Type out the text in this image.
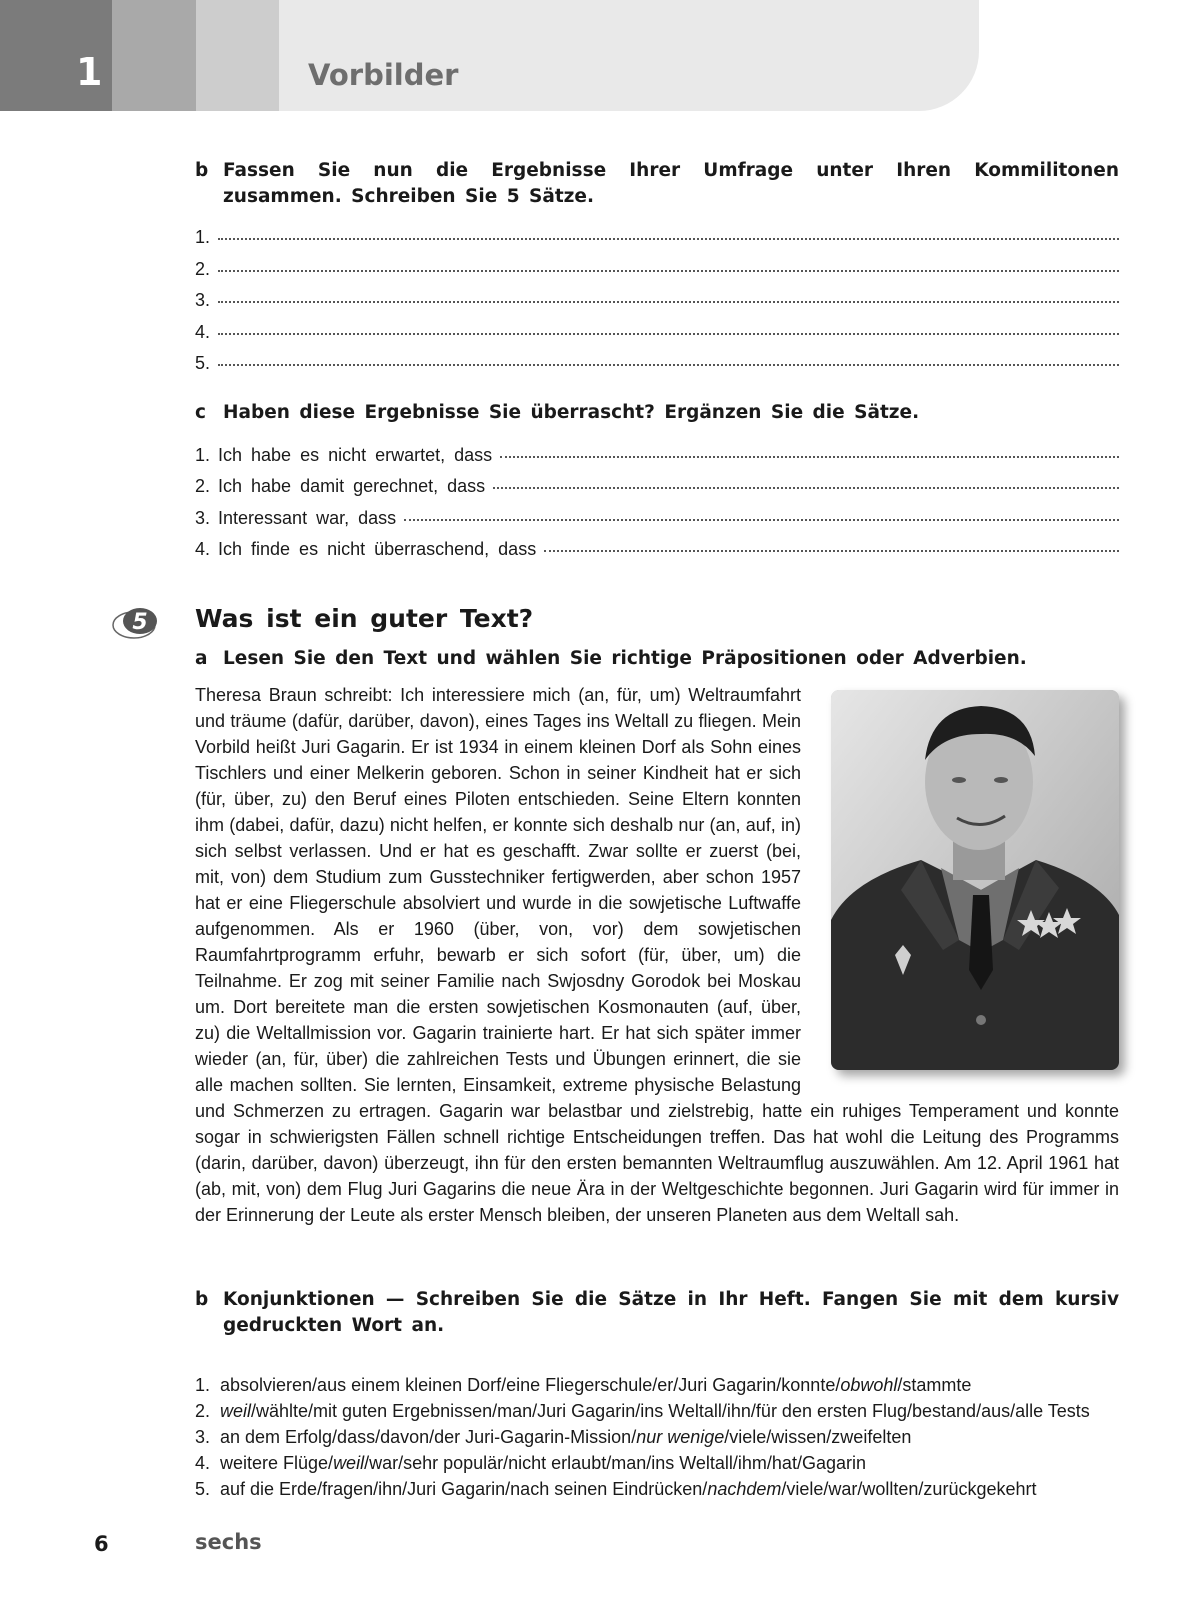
1	Vorbilder
b Fassen Sie nun die Ergebnisse Ihrer Umfrage unter Ihren Kommilitonen zusammen. Schreiben Sie 5 Sätze.
1.
2.
3.
4.
5.
c Haben diese Ergebnisse Sie überrascht? Ergänzen Sie die Sätze.
1. Ich habe es nicht erwartet, dass
2. Ich habe damit gerechnet, dass
3. Interessant war, dass
4. Ich finde es nicht überraschend, dass
5 Was ist ein guter Text?
a Lesen Sie den Text und wählen Sie richtige Präpositionen oder Adverbien.

Theresa Braun schreibt: Ich interessiere mich (an, für, um) Weltraumfahrt und träume (dafür, darüber, davon), eines Tages ins Weltall zu fliegen. Mein Vorbild heißt Juri Gagarin. Er ist 1934 in einem kleinen Dorf als Sohn eines Tischlers und einer Melkerin geboren. Schon in seiner Kindheit hat er sich (für, über, zu) den Beruf eines Piloten entschieden. Seine Eltern konnten ihm (dabei, dafür, dazu) nicht helfen, er konnte sich deshalb nur (an, auf, in) sich selbst verlassen. Und er hat es geschafft. Zwar sollte er zuerst (bei, mit, von) dem Studium zum Gusstechniker fertigwerden, aber schon 1957 hat er eine Fliegerschule absolviert und wurde in die sowjetische Luftwaffe aufgenommen. Als er 1960 (über, von, vor) dem sowjetischen Raumfahrtprogramm erfuhr, bewarb er sich sofort (für, über, um) die Teilnahme. Er zog mit seiner Familie nach Swjosdny Gorodok bei Moskau um. Dort bereitete man die ersten sowjetischen Kosmonauten (auf, über, zu) die Weltallmission vor. Gagarin trainierte hart. Er hat sich später immer wieder (an, für, über) die zahlreichen Tests und Übungen erinnert, die sie alle machen sollten. Sie lernten, Einsamkeit, extreme physische Belastung und Schmerzen zu ertragen. Gagarin war belastbar und zielstrebig, hatte ein ruhiges Temperament und konnte sogar in schwierigsten Fällen schnell richtige Entscheidungen treffen. Das hat wohl die Leitung des Programms (darin, darüber, davon) überzeugt, ihn für den ersten bemannten Weltraumflug auszuwählen. Am 12. April 1961 hat (ab, mit, von) dem Flug Juri Gagarins die neue Ära in der Weltgeschichte begonnen. Juri Gagarin wird für immer in der Erinnerung der Leute als erster Mensch bleiben, der unseren Planeten aus dem Weltall sah.

b Konjunktionen — Schreiben Sie die Sätze in Ihr Heft. Fangen Sie mit dem kursiv gedruckten Wort an.
1. absolvieren/aus einem kleinen Dorf/eine Fliegerschule/er/Juri Gagarin/konnte/obwohl/stammte
2. weil/wählte/mit guten Ergebnissen/man/Juri Gagarin/ins Weltall/ihn/für den ersten Flug/bestand/aus/alle Tests
3. an dem Erfolg/dass/davon/der Juri-Gagarin-Mission/nur wenige/viele/wissen/zweifelten
4. weitere Flüge/weil/war/sehr populär/nicht erlaubt/man/ins Weltall/ihm/hat/Gagarin
5. auf die Erde/fragen/ihn/Juri Gagarin/nach seinen Eindrücken/nachdem/viele/war/wollten/zurückgekehrt
6	sechs
